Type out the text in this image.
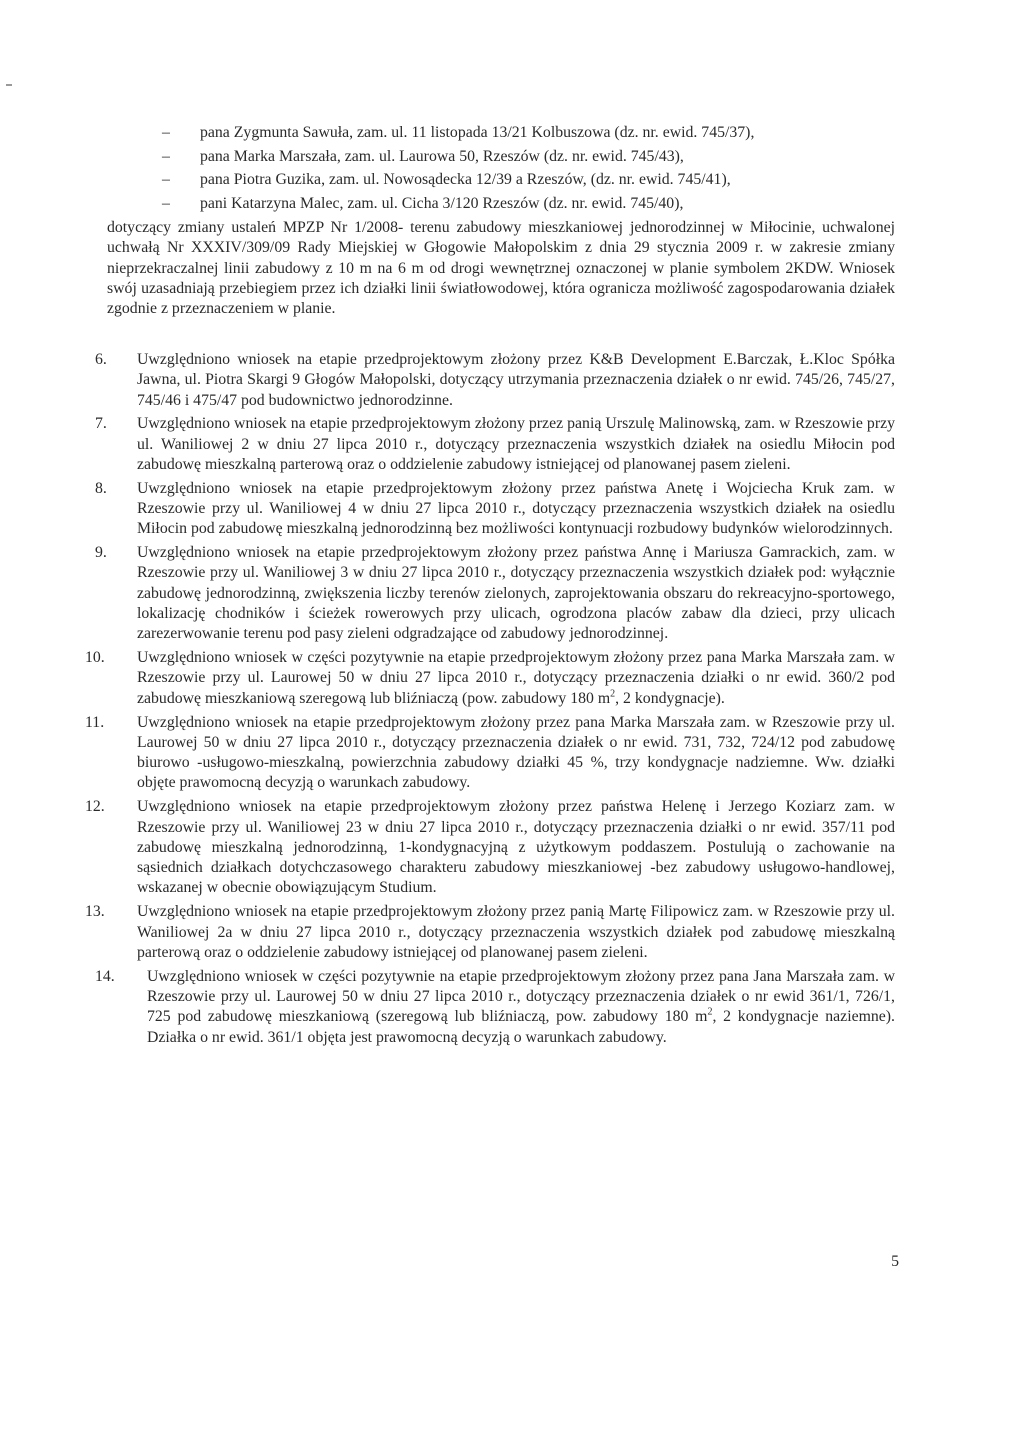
– pana Zygmunta Sawuła, zam. ul. 11 listopada 13/21 Kolbuszowa (dz. nr. ewid. 745/37),
– pana Marka Marszała, zam. ul. Laurowa 50, Rzeszów (dz. nr. ewid. 745/43),
– pana Piotra Guzika, zam. ul. Nowosądecka 12/39 a Rzeszów, (dz. nr. ewid. 745/41),
– pani Katarzyna Malec, zam. ul. Cicha 3/120 Rzeszów (dz. nr. ewid. 745/40),
dotyczący zmiany ustaleń MPZP Nr 1/2008- terenu zabudowy mieszkaniowej jednorodzinnej w Miłocinie, uchwalonej uchwałą Nr XXXIV/309/09 Rady Miejskiej w Głogowie Małopolskim z dnia 29 stycznia 2009 r. w zakresie zmiany nieprzekraczalnej linii zabudowy z 10 m na 6 m od drogi wewnętrznej oznaczonej w planie symbolem 2KDW. Wniosek swój uzasadniają przebiegiem przez ich działki linii światłowodowej, która ogranicza możliwość zagospodarowania działek zgodnie z przeznaczeniem w planie.
6.	Uwzględniono wniosek na etapie przedprojektowym złożony przez K&B Development E.Barczak, Ł.Kloc Spółka Jawna, ul. Piotra Skargi 9 Głogów Małopolski, dotyczący utrzymania przeznaczenia działek o nr ewid. 745/26, 745/27, 745/46 i 475/47 pod budownictwo jednorodzinne.
7.	Uwzględniono wniosek na etapie przedprojektowym złożony przez panią Urszulę Malinowską, zam. w Rzeszowie przy ul. Waniliowej 2 w dniu 27 lipca 2010 r., dotyczący przeznaczenia wszystkich działek na osiedlu Miłocin pod zabudowę mieszkalną parterową oraz o oddzielenie zabudowy istniejącej od planowanej pasem zieleni.
8.	Uwzględniono wniosek na etapie przedprojektowym złożony przez państwa Anetę i Wojciecha Kruk zam. w Rzeszowie przy ul. Waniliowej 4 w dniu 27 lipca 2010 r., dotyczący przeznaczenia wszystkich działek na osiedlu Miłocin pod zabudowę mieszkalną jednorodzinną bez możliwości kontynuacji rozbudowy budynków wielorodzinnych.
9.	Uwzględniono wniosek na etapie przedprojektowym złożony przez państwa Annę i Mariusza Gamrackich, zam. w Rzeszowie przy ul. Waniliowej 3 w dniu 27 lipca 2010 r., dotyczący przeznaczenia wszystkich działek pod: wyłącznie zabudowę jednorodzinną, zwiększenia liczby terenów zielonych, zaprojektowania obszaru do rekreacyjno-sportowego, lokalizację chodników i ścieżek rowerowych przy ulicach, ogrodzona placów zabaw dla dzieci, przy ulicach zarezerwowanie terenu pod pasy zieleni odgradzające od zabudowy jednorodzinnej.
10.	Uwzględniono wniosek w części pozytywnie na etapie przedprojektowym złożony przez pana Marka Marszała zam. w Rzeszowie przy ul. Laurowej 50 w dniu 27 lipca 2010 r., dotyczący przeznaczenia działki o nr ewid. 360/2 pod zabudowę mieszkaniową szeregową lub bliźniaczą (pow. zabudowy 180 $m^2$, 2 kondygnacje).
11.	Uwzględniono wniosek na etapie przedprojektowym złożony przez pana Marka Marszała zam. w Rzeszowie przy ul. Laurowej 50 w dniu 27 lipca 2010 r., dotyczący przeznaczenia działek o nr ewid. 731, 732, 724/12 pod zabudowę biurowo -usługowo-mieszkalną, powierzchnia zabudowy działki 45 %, trzy kondygnacje nadziemne. Ww. działki objęte prawomocną decyzją o warunkach zabudowy.
12.	Uwzględniono wniosek na etapie przedprojektowym złożony przez państwa Helenę i Jerzego Koziarz zam. w Rzeszowie przy ul. Waniliowej 23 w dniu 27 lipca 2010 r., dotyczący przeznaczenia działki o nr ewid. 357/11 pod zabudowę mieszkalną jednorodzinną, 1-kondygnacyjną z użytkowym poddaszem. Postulują o zachowanie na sąsiednich działkach dotychczasowego charakteru zabudowy mieszkaniowej -bez zabudowy usługowo-handlowej, wskazanej w obecnie obowiązującym Studium.
13.	Uwzględniono wniosek na etapie przedprojektowym złożony przez panią Martę Filipowicz zam. w Rzeszowie przy ul. Waniliowej 2a w dniu 27 lipca 2010 r., dotyczący przeznaczenia wszystkich działek pod zabudowę mieszkalną parterową oraz o oddzielenie zabudowy istniejącej od planowanej pasem zieleni.
14.	Uwzględniono wniosek w części pozytywnie na etapie przedprojektowym złożony przez pana Jana Marszała zam. w Rzeszowie przy ul. Laurowej 50 w dniu 27 lipca 2010 r., dotyczący przeznaczenia działek o nr ewid 361/1, 726/1, 725 pod zabudowę mieszkaniową (szeregową lub bliźniaczą, pow. zabudowy 180 $m^2$, 2 kondygnacje naziemne). Działka o nr ewid. 361/1 objęta jest prawomocną decyzją o warunkach zabudowy.
5
